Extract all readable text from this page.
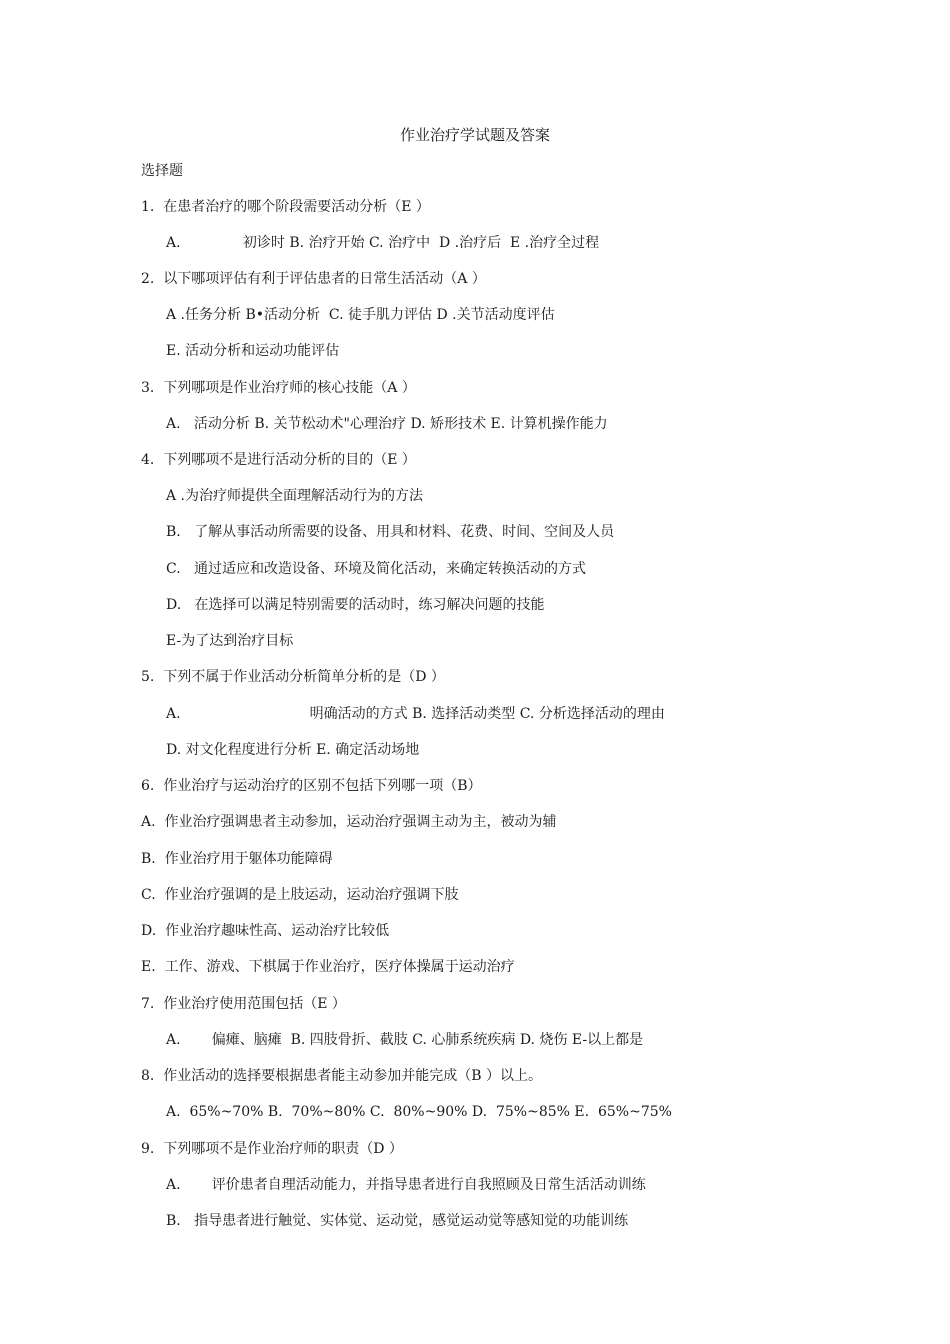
作业治疗学试题及答案
选择题
1.  在患者治疗的哪个阶段需要活动分析（E ）
A.              初诊时 B. 治疗开始 C. 治疗中  D .治疗后  E .治疗全过程
2.  以下哪项评估有利于评估患者的日常生活活动（A ）
A .任务分析 B•活动分析  C. 徒手肌力评估 D .关节活动度评估
E. 活动分析和运动功能评估
3.  下列哪项是作业治疗师的核心技能（A ）
A.   活动分析 B. 关节松动术"心理治疗 D. 矫形技术 E. 计算机操作能力
4.  下列哪项不是进行活动分析的目的（E ）
A .为治疗师提供全面理解活动行为的方法
B.   了解从事活动所需要的设备、用具和材料、花费、时间、空间及人员
C.   通过适应和改造设备、环境及简化活动，来确定转换活动的方式
D.   在选择可以满足特别需要的活动时，练习解决问题的技能
E-为了达到治疗目标
5.  下列不属于作业活动分析简单分析的是（D ）
A.                             明确活动的方式 B. 选择活动类型 C. 分析选择活动的理由
D. 对文化程度进行分析 E. 确定活动场地
6.  作业治疗与运动治疗的区别不包括下列哪一项（B）
A.  作业治疗强调患者主动参加，运动治疗强调主动为主，被动为辅
B.  作业治疗用于躯体功能障碍
C.  作业治疗强调的是上肢运动，运动治疗强调下肢
D.  作业治疗趣味性高、运动治疗比较低
E.  工作、游戏、下棋属于作业治疗，医疗体操属于运动治疗
7.  作业治疗使用范围包括（E ）
A.       偏瘫、脑瘫  B. 四肢骨折、截肢 C. 心肺系统疾病 D. 烧伤 E-以上都是
8.  作业活动的选择要根据患者能主动参加并能完成（B ）以上。
A.  65%~70% B.  70%~80% C.  80%~90% D.  75%~85% E.  65%~75%
9.  下列哪项不是作业治疗师的职责（D ）
A.       评价患者自理活动能力，并指导患者进行自我照顾及日常生活活动训练
B.   指导患者进行触觉、实体觉、运动觉，感觉运动觉等感知觉的功能训练
